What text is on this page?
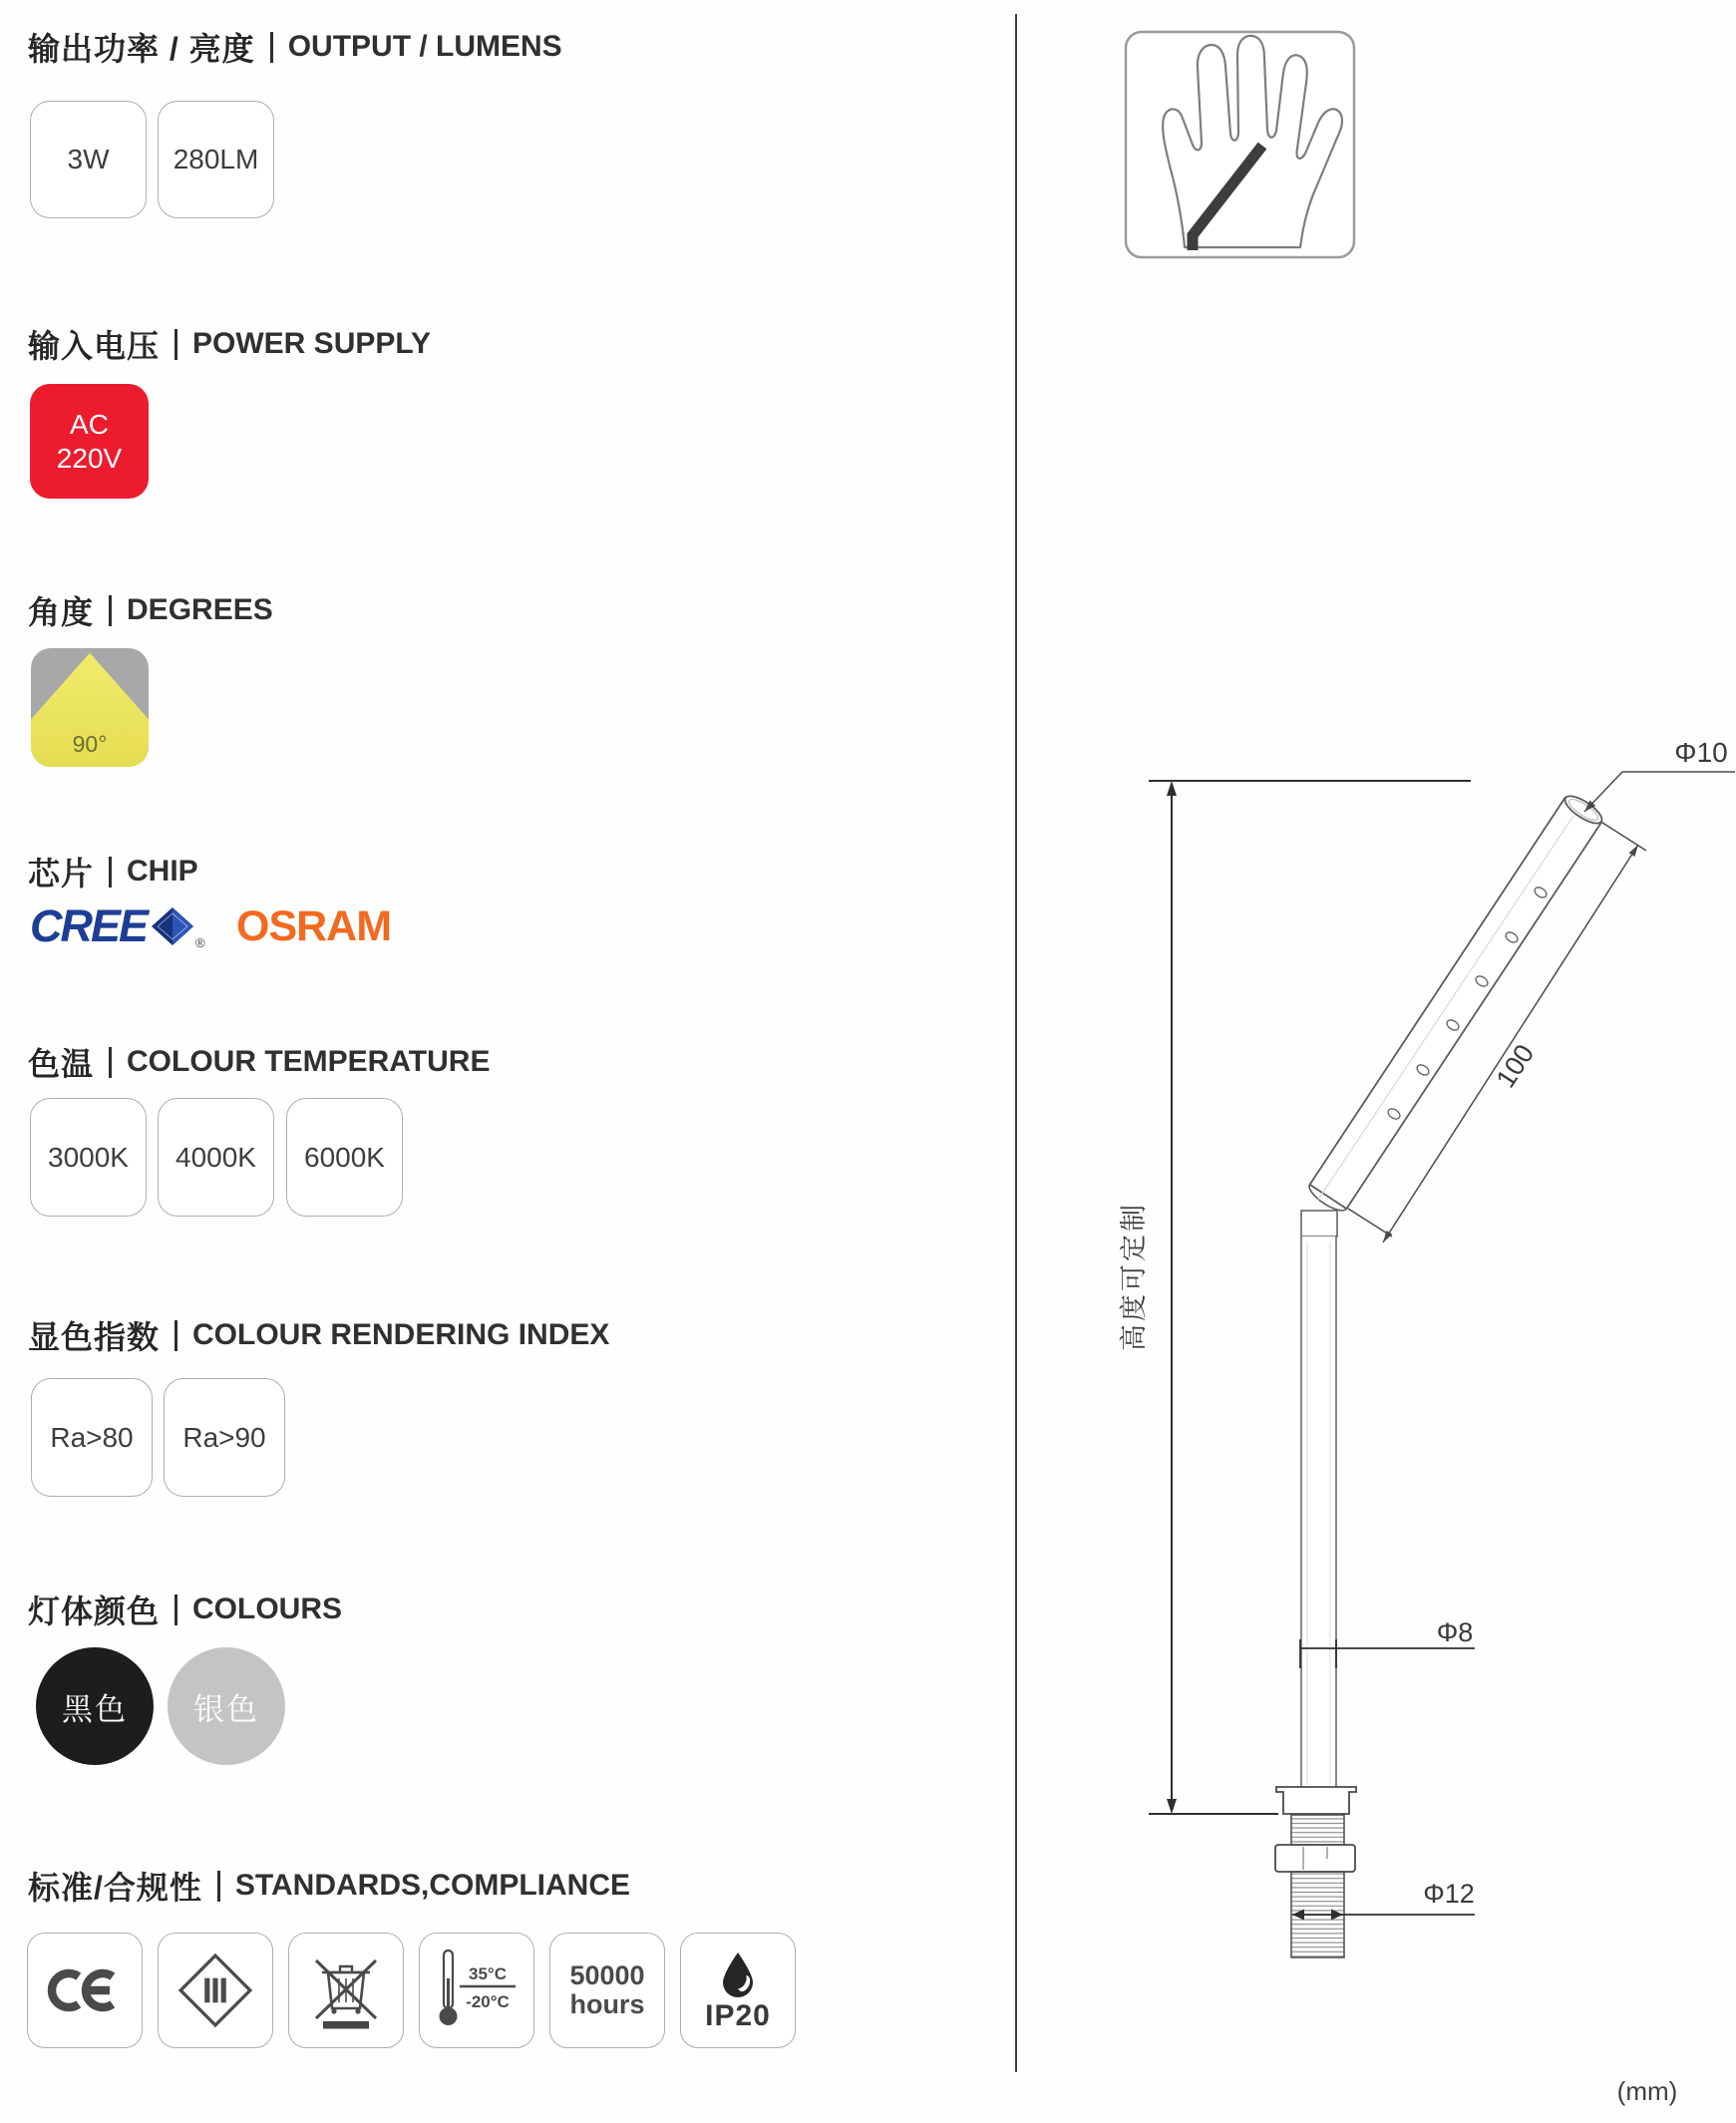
输出功率 / 亮度 OUTPUT / LUMENS
3W 280LM
输入电压 POWER SUPPLY
AC
220V
角度 DEGREES
90°
芯片 CHIP
CREE	® OSRAM
色温 COLOUR TEMPERATURE
3000K 4000K 6000K
显色指数 COLOUR RENDERING INDEX
Ra>80 Ra>90
灯体颜色 COLOURS
黑色 银色
标准/合规性 STANDARDS,COMPLIANCE
35°C
-20°C
50000
hours IP20
高度可定制
100
Φ10
Φ8
Φ12
(mm)
